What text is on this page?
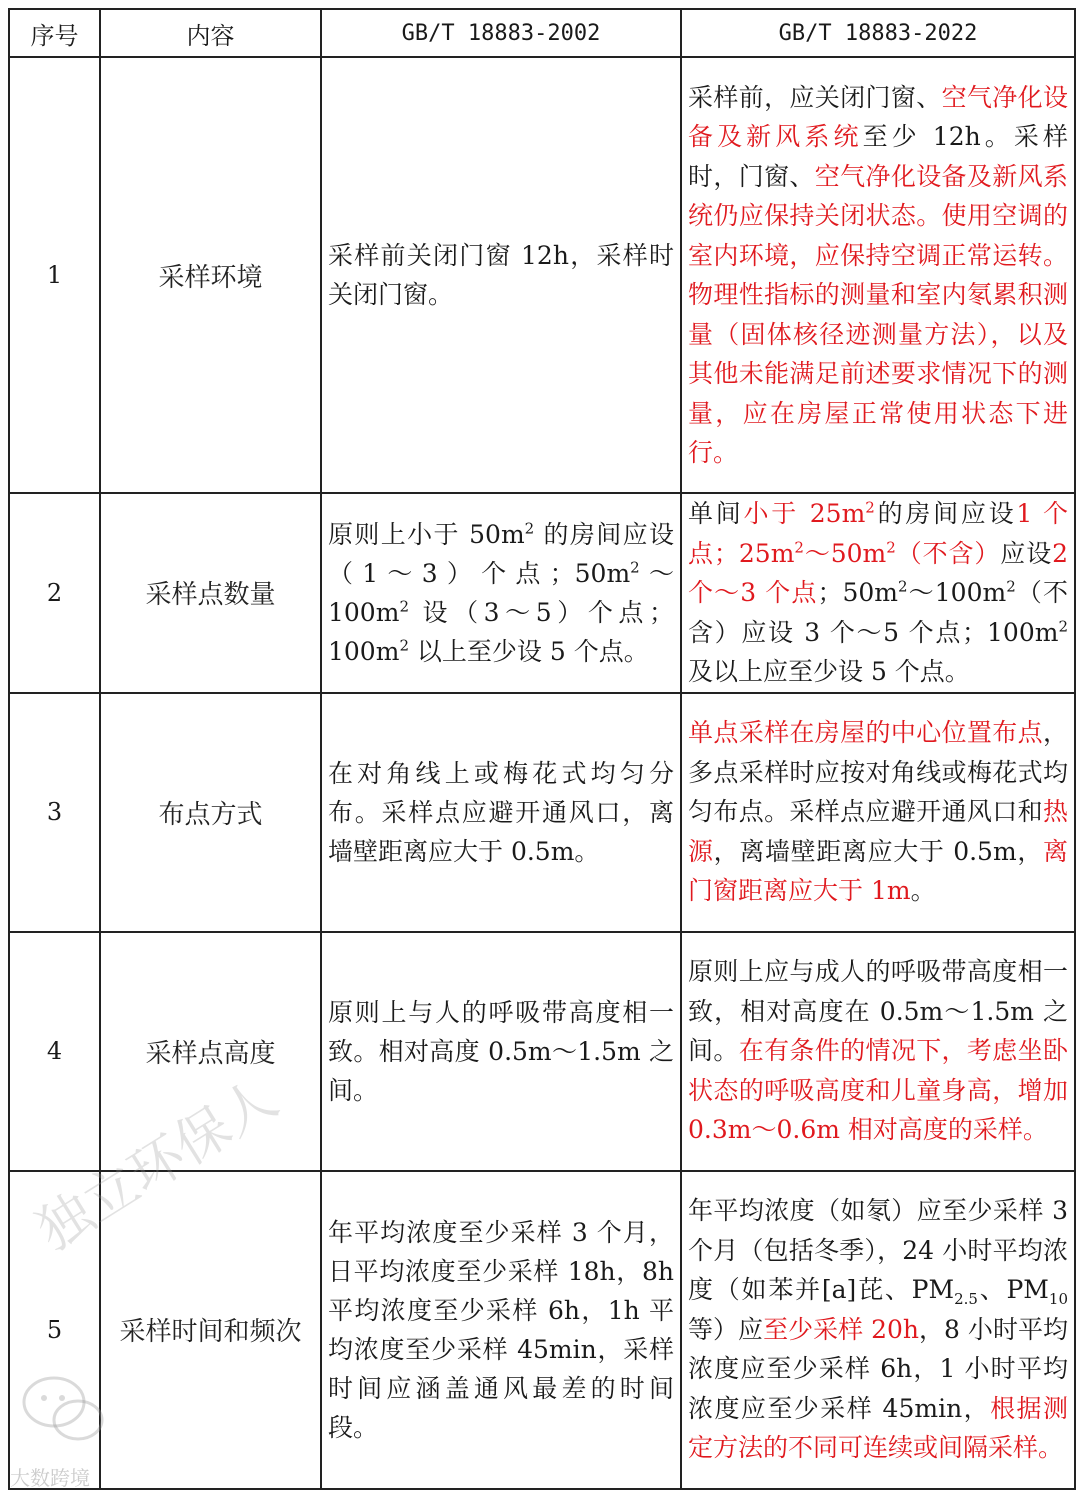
序号	内容	GB/T 18883-2002	GB/T 18883-2022
1	采样环境	采样前关闭门窗 12h，采样时关闭门窗。	采样前，应关闭门窗、空气净化设备及新风系统至少 12h。采样时，门窗、空气净化设备及新风系统仍应保持关闭状态。使用空调的室内环境，应保持空调正常运转。物理性指标的测量和室内氡累积测量（固体核径迹测量方法），以及其他未能满足前述要求情况下的测量，应在房屋正常使用状态下进行。
2	采样点数量	原则上小于 $50m^2$ 的房间应设（1～3）个点；$50m^2\sim 100m^2$ 设（3～5）个点；$100m^2$ 以上至少设 5 个点。	单间小于 $25m^2$的房间应设1 个点；$25m^2\sim 50m^2$（不含）应设2 个～3 个点；$50m^2\sim 100m^2$（不含）应设 3 个～5 个点；$100m^2$ 及以上应至少设 5 个点。
3	布点方式	在对角线上或梅花式均匀分布。采样点应避开通风口，离墙壁距离应大于 0.5m。	单点采样在房屋的中心位置布点，多点采样时应按对角线或梅花式均匀布点。采样点应避开通风口和热源，离墙壁距离应大于 0.5m，离门窗距离应大于 1m。
4	采样点高度	原则上与人的呼吸带高度相一致。相对高度 0.5m～1.5m 之间。	原则上应与成人的呼吸带高度相一致，相对高度在 0.5m～1.5m 之间。在有条件的情况下，考虑坐卧状态的呼吸高度和儿童身高，增加 0.3m～0.6m 相对高度的采样。
5	采样时间和频次	年平均浓度至少采样 3 个月，日平均浓度至少采样 18h，8h 平均浓度至少采样 6h，1h 平均浓度至少采样 45min，采样时间应涵盖通风最差的时间段。	年平均浓度（如氡）应至少采样 3 个月（包括冬季），24 小时平均浓度（如苯并[a]芘、$PM_{2.5}$、$PM_{10}$ 等）应至少采样 20h，8 小时平均浓度应至少采样 6h，1 小时平均浓度应至少采样 45min，根据测定方法的不同可连续或间隔采样。
独立环保人
大数跨境
